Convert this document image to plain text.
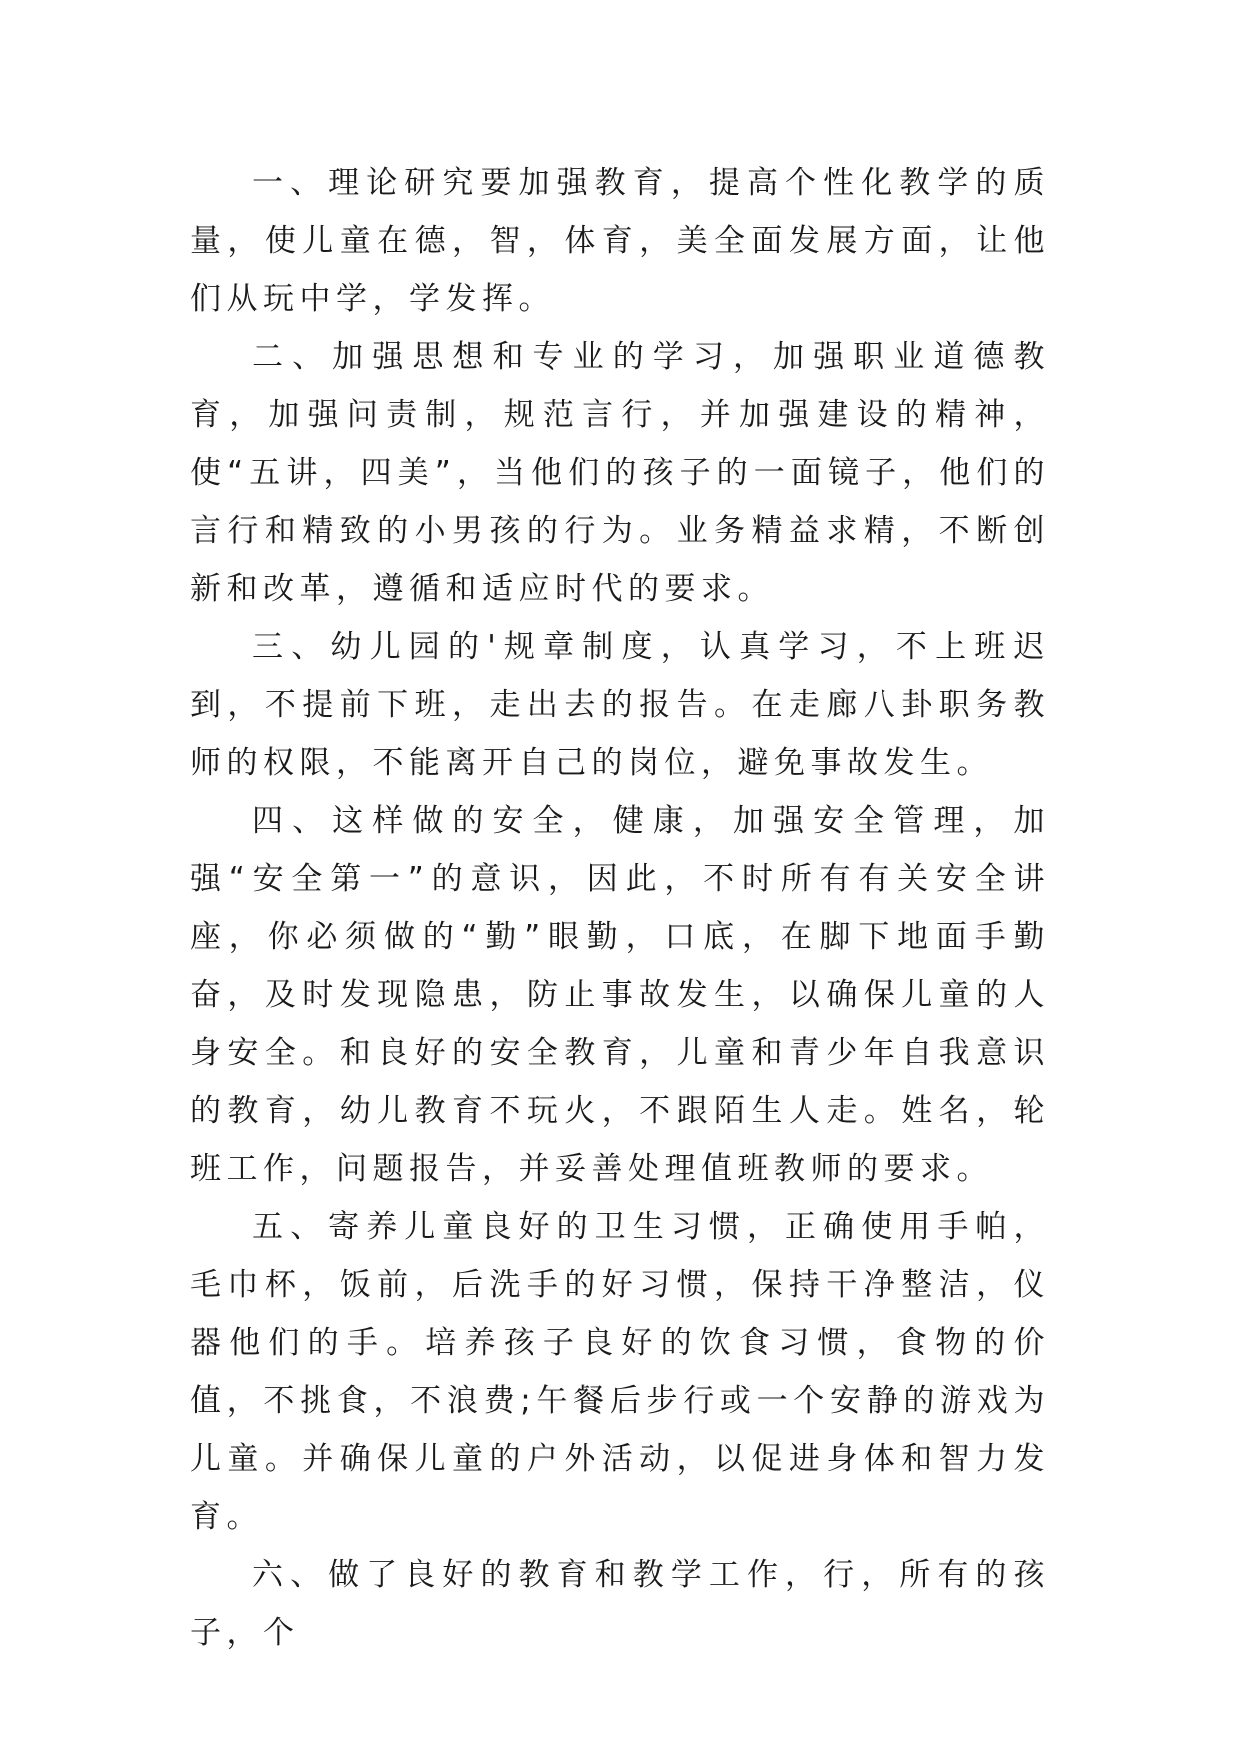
一、理论研究要加强教育，提高个性化教学的质量，使儿童在德，智，体育，美全面发展方面，让他们从玩中学，学发挥。

二、加强思想和专业的学习，加强职业道德教育，加强问责制，规范言行，并加强建设的精神，使“五讲，四美”，当他们的孩子的一面镜子，他们的言行和精致的小男孩的行为。业务精益求精，不断创新和改革，遵循和适应时代的要求。

三、幼儿园的'规章制度，认真学习，不上班迟到，不提前下班，走出去的报告。在走廊八卦职务教师的权限，不能离开自己的岗位，避免事故发生。

四、这样做的安全，健康，加强安全管理，加强“安全第一”的意识，因此，不时所有有关安全讲座，你必须做的“勤”眼勤，口底，在脚下地面手勤奋，及时发现隐患，防止事故发生，以确保儿童的人身安全。和良好的安全教育，儿童和青少年自我意识的教育，幼儿教育不玩火，不跟陌生人走。姓名，轮班工作，问题报告，并妥善处理值班教师的要求。

五、寄养儿童良好的卫生习惯，正确使用手帕，毛巾杯，饭前，后洗手的好习惯，保持干净整洁，仪器他们的手。培养孩子良好的饮食习惯，食物的价值，不挑食，不浪费;午餐后步行或一个安静的游戏为儿童。并确保儿童的户外活动，以促进身体和智力发育。

六、做了良好的教育和教学工作，行，所有的孩子，个
